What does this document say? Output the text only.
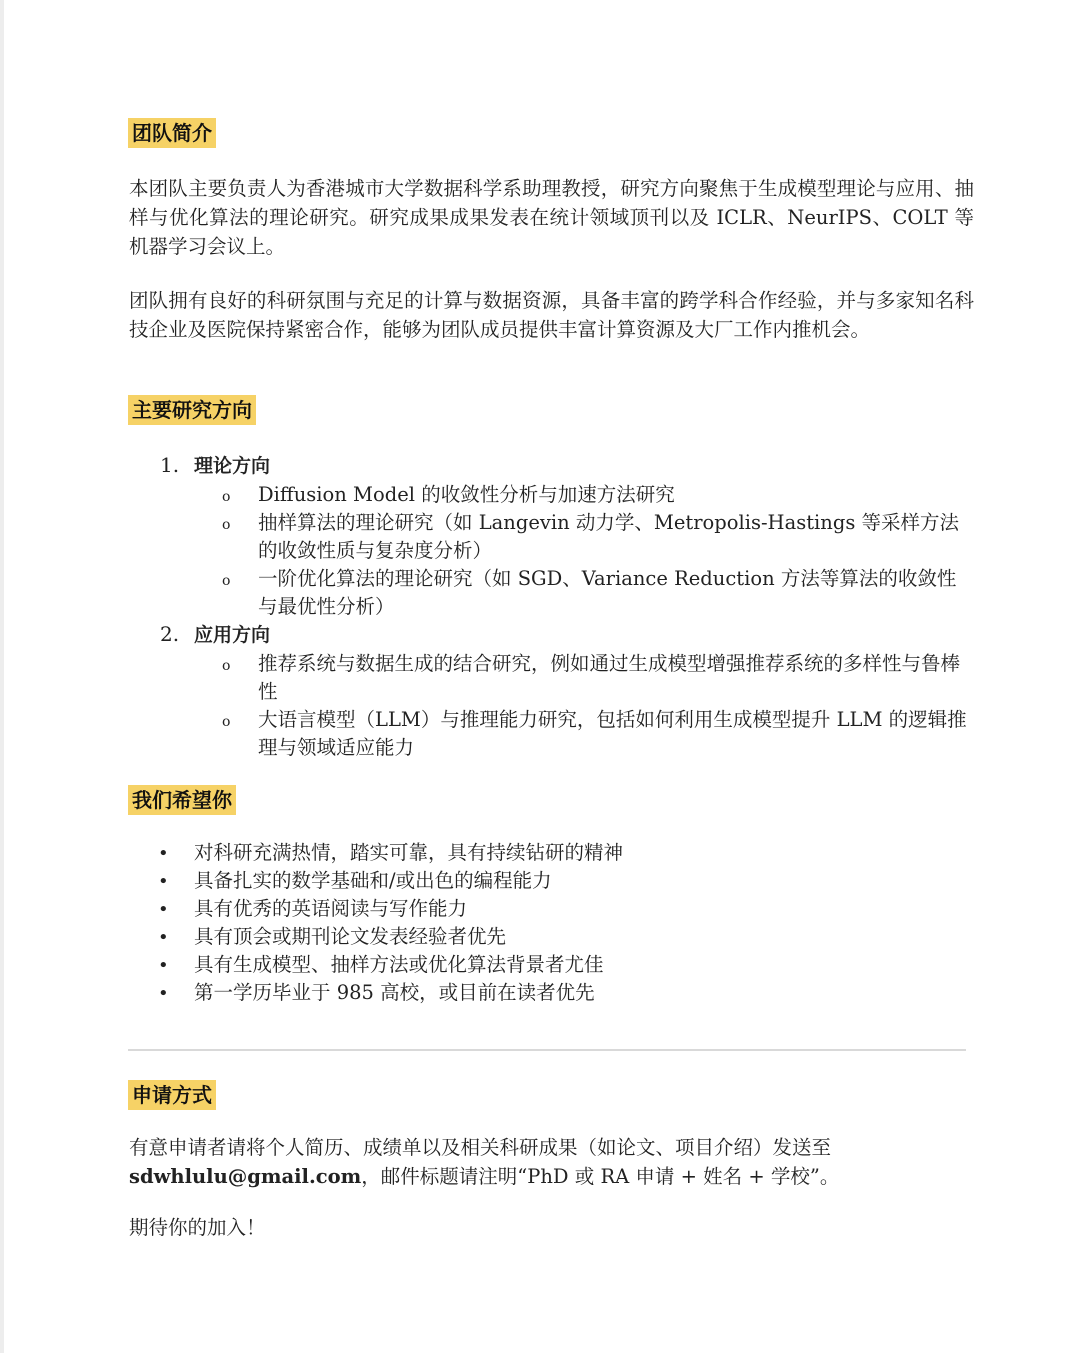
团队简介

本团队主要负责人为香港城市大学数据科学系助理教授，研究方向聚焦于生成模型理论与应用、抽样与优化算法的理论研究。研究成果成果发表在统计领域顶刊以及 ICLR、NeurIPS、COLT 等机器学习会议上。

团队拥有良好的科研氛围与充足的计算与数据资源，具备丰富的跨学科合作经验，并与多家知名科技企业及医院保持紧密合作，能够为团队成员提供丰富计算资源及大厂工作内推机会。

主要研究方向
1. 理论方向
o	Diffusion Model 的收敛性分析与加速方法研究
o	抽样算法的理论研究（如 Langevin 动力学、Metropolis-Hastings 等采样方法的收敛性质与复杂度分析）
o	一阶优化算法的理论研究（如 SGD、Variance Reduction 方法等算法的收敛性与最优性分析）
2. 应用方向
o	推荐系统与数据生成的结合研究，例如通过生成模型增强推荐系统的多样性与鲁棒性
o	大语言模型（LLM）与推理能力研究，包括如何利用生成模型提升 LLM 的逻辑推理与领域适应能力
我们希望你
• 对科研充满热情，踏实可靠，具有持续钻研的精神
• 具备扎实的数学基础和/或出色的编程能力
• 具有优秀的英语阅读与写作能力
• 具有顶会或期刊论文发表经验者优先
• 具有生成模型、抽样方法或优化算法背景者尤佳
• 第一学历毕业于 985 高校，或目前在读者优先
申请方式

有意申请者请将个人简历、成绩单以及相关科研成果（如论文、项目介绍）发送至
sdwhlulu@gmail.com，邮件标题请注明“PhD 或 RA 申请 + 姓名 + 学校”。

期待你的加入！
